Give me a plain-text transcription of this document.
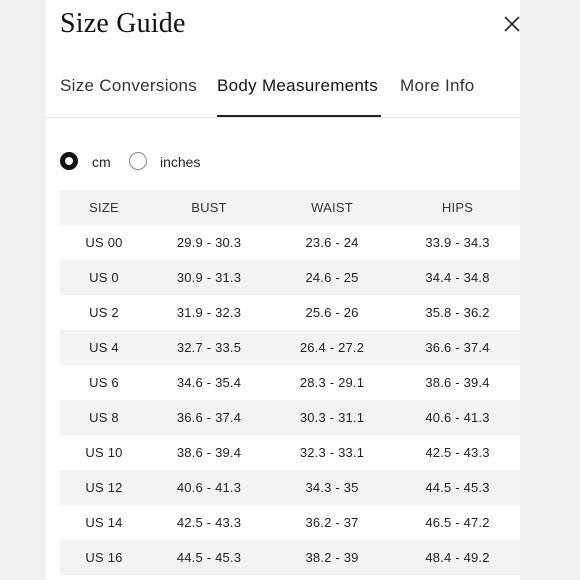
Size Guide
Size Conversions Body Measurements More Info
cm	inches
SIZE	BUST	WAIST	HIPS
US 00	29.9 - 30.3	23.6 - 24	33.9 - 34.3
US 0	30.9 - 31.3	24.6 - 25	34.4 - 34.8
US 2	31.9 - 32.3	25.6 - 26	35.8 - 36.2
US 4	32.7 - 33.5	26.4 - 27.2	36.6 - 37.4
US 6	34.6 - 35.4	28.3 - 29.1	38.6 - 39.4
US 8	36.6 - 37.4	30.3 - 31.1	40.6 - 41.3
US 10	38.6 - 39.4	32.3 - 33.1	42.5 - 43.3
US 12	40.6 - 41.3	34.3 - 35	44.5 - 45.3
US 14	42.5 - 43.3	36.2 - 37	46.5 - 47.2
US 16	44.5 - 45.3	38.2 - 39	48.4 - 49.2
